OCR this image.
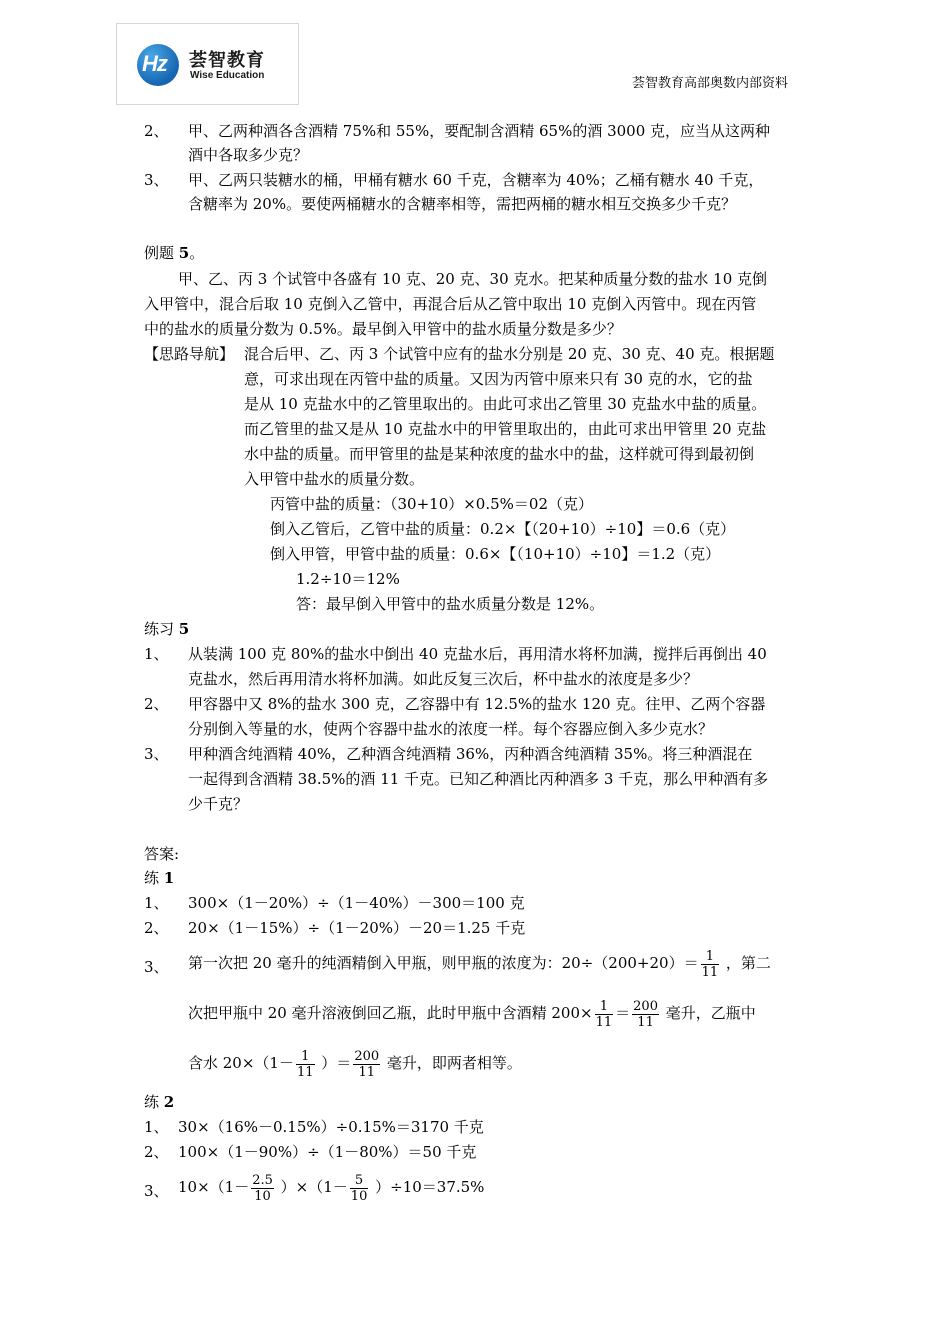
Hz 荟智教育
Wise Education
荟智教育高部奥数内部资料
2、 甲、乙两种酒各含酒精 75%和 55%，要配制含酒精 65%的酒 3000 克，应当从这两种
酒中各取多少克？
3、 甲、乙两只装糖水的桶，甲桶有糖水 60 千克，含糖率为 40%；乙桶有糖水 40 千克，
含糖率为 20%。要使两桶糖水的含糖率相等，需把两桶的糖水相互交换多少千克？
例题 5。
甲、乙、丙 3 个试管中各盛有 10 克、20 克、30 克水。把某种质量分数的盐水 10 克倒
入甲管中，混合后取 10 克倒入乙管中，再混合后从乙管中取出 10 克倒入丙管中。现在丙管
中的盐水的质量分数为 0.5%。最早倒入甲管中的盐水质量分数是多少？
【思路导航】 混合后甲、乙、丙 3 个试管中应有的盐水分别是 20 克、30 克、40 克。根据题
意，可求出现在丙管中盐的质量。又因为丙管中原来只有 30 克的水，它的盐
是从 10 克盐水中的乙管里取出的。由此可求出乙管里 30 克盐水中盐的质量。
而乙管里的盐又是从 10 克盐水中的甲管里取出的，由此可求出甲管里 20 克盐
水中盐的质量。而甲管里的盐是某种浓度的盐水中的盐，这样就可得到最初倒
入甲管中盐水的质量分数。
丙管中盐的质量：（30+10）×0.5%＝02（克）
倒入乙管后，乙管中盐的质量：0.2×【（20+10）÷10】＝0.6（克）
倒入甲管，甲管中盐的质量：0.6×【（10+10）÷10】＝1.2（克）
1.2÷10＝12%
答：最早倒入甲管中的盐水质量分数是 12%。
练习 5
1、 从装满 100 克 80%的盐水中倒出 40 克盐水后，再用清水将杯加满，搅拌后再倒出 40
克盐水，然后再用清水将杯加满。如此反复三次后，杯中盐水的浓度是多少？
2、 甲容器中又 8%的盐水 300 克，乙容器中有 12.5%的盐水 120 克。往甲、乙两个容器
分别倒入等量的水，使两个容器中盐水的浓度一样。每个容器应倒入多少克水？
3、 甲种酒含纯酒精 40%，乙种酒含纯酒精 36%，丙种酒含纯酒精 35%。将三种酒混在
一起得到含酒精 38.5%的酒 11 千克。已知乙种酒比丙种酒多 3 千克，那么甲种酒有多
少千克？
答案:
练 1
1、 300×（1－20%）÷（1－40%）－300＝100 克
2、 20×（1－15%）÷（1－20%）－20＝1.25 千克
3、 第一次把 20 毫升的纯酒精倒入甲瓶，则甲瓶的浓度为：$20\div(200+20)= \frac{1}{11}$ ，第二
次把甲瓶中 20 毫升溶液倒回乙瓶，此时甲瓶中含酒精 $200\times \frac{1}{11} = \frac{200}{11}$ 毫升，乙瓶中
含水 $20\times(1- \frac{1}{11}$ ）＝ $\frac{200}{11}$ 毫升，即两者相等。
练 2
1、 30×（16%－0.15%）÷0.15%＝3170 千克
2、 100×（1－90%）÷（1－80%）＝50 千克
3、 $10\times(1- \frac{2.5}{10} )\times(1- \frac{5}{10} )\div 10=37.5\%$
